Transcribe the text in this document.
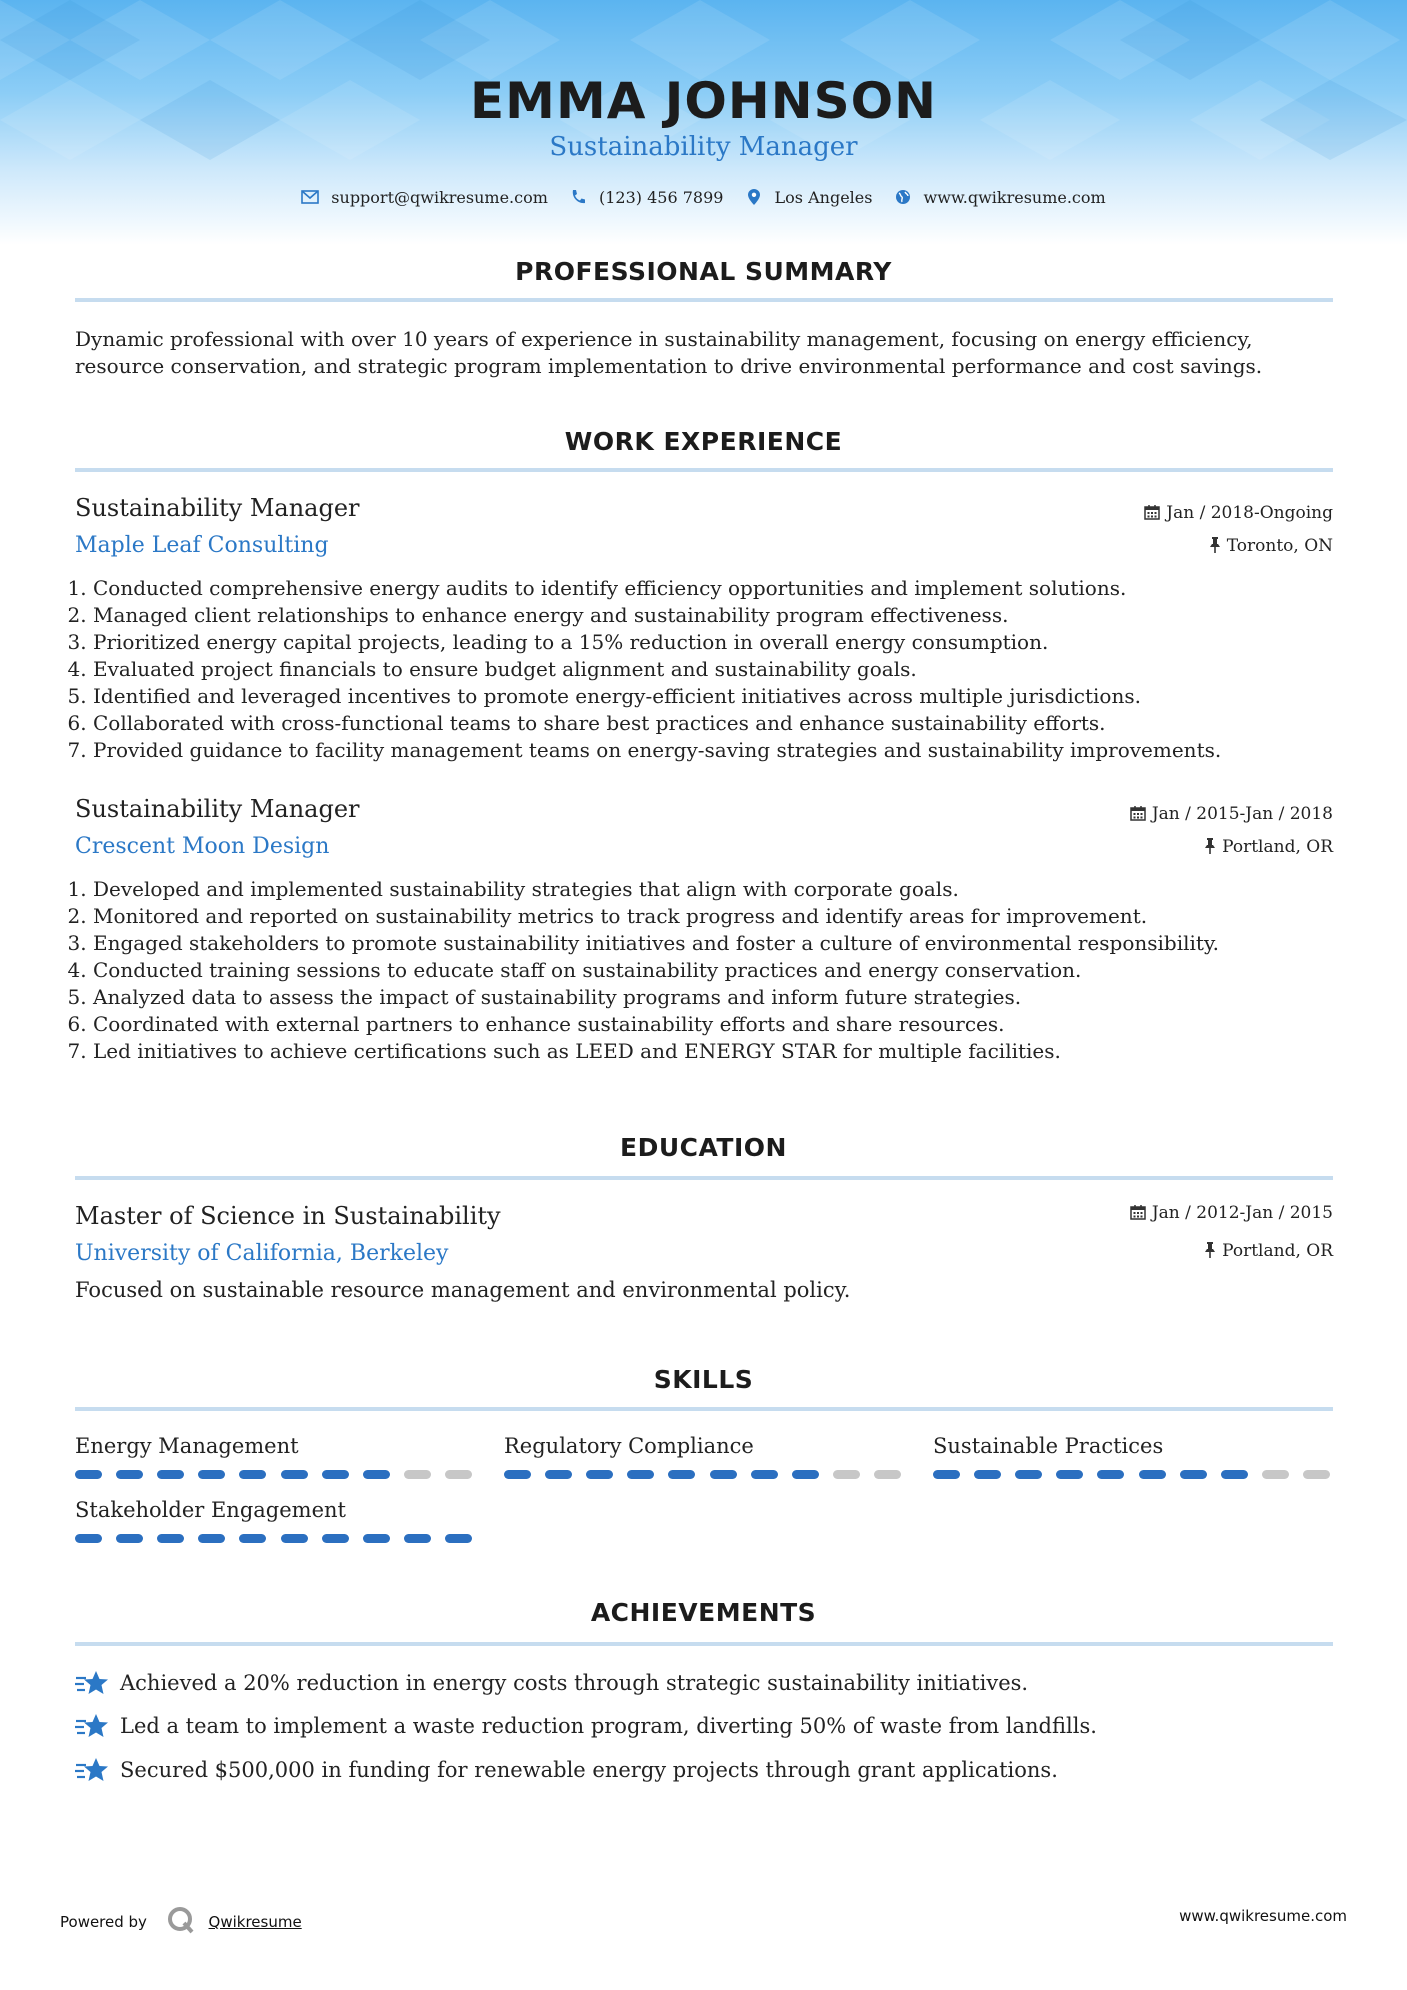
EMMA JOHNSON
Sustainability Manager
support@qwikresume.com	(123) 456 7899	Los Angeles	www.qwikresume.com
PROFESSIONAL SUMMARY
Dynamic professional with over 10 years of experience in sustainability management, focusing on energy efficiency, resource conservation, and strategic program implementation to drive environmental performance and cost savings.
WORK EXPERIENCE
Sustainability Manager	Jan / 2018-Ongoing
Maple Leaf Consulting	Toronto, ON
1. Conducted comprehensive energy audits to identify efficiency opportunities and implement solutions.
2. Managed client relationships to enhance energy and sustainability program effectiveness.
3. Prioritized energy capital projects, leading to a 15% reduction in overall energy consumption.
4. Evaluated project financials to ensure budget alignment and sustainability goals.
5. Identified and leveraged incentives to promote energy-efficient initiatives across multiple jurisdictions.
6. Collaborated with cross-functional teams to share best practices and enhance sustainability efforts.
7. Provided guidance to facility management teams on energy-saving strategies and sustainability improvements.
Sustainability Manager	Jan / 2015-Jan / 2018
Crescent Moon Design	Portland, OR
1. Developed and implemented sustainability strategies that align with corporate goals.
2. Monitored and reported on sustainability metrics to track progress and identify areas for improvement.
3. Engaged stakeholders to promote sustainability initiatives and foster a culture of environmental responsibility.
4. Conducted training sessions to educate staff on sustainability practices and energy conservation.
5. Analyzed data to assess the impact of sustainability programs and inform future strategies.
6. Coordinated with external partners to enhance sustainability efforts and share resources.
7. Led initiatives to achieve certifications such as LEED and ENERGY STAR for multiple facilities.
EDUCATION
Master of Science in Sustainability	Jan / 2012-Jan / 2015
University of California, Berkeley	Portland, OR
Focused on sustainable resource management and environmental policy.
SKILLS
Energy Management	Regulatory Compliance	Sustainable Practices
Stakeholder Engagement
ACHIEVEMENTS
Achieved a 20% reduction in energy costs through strategic sustainability initiatives.
Led a team to implement a waste reduction program, diverting 50% of waste from landfills.
Secured $500,000 in funding for renewable energy projects through grant applications.
Powered by	Qwikresume	www.qwikresume.com
